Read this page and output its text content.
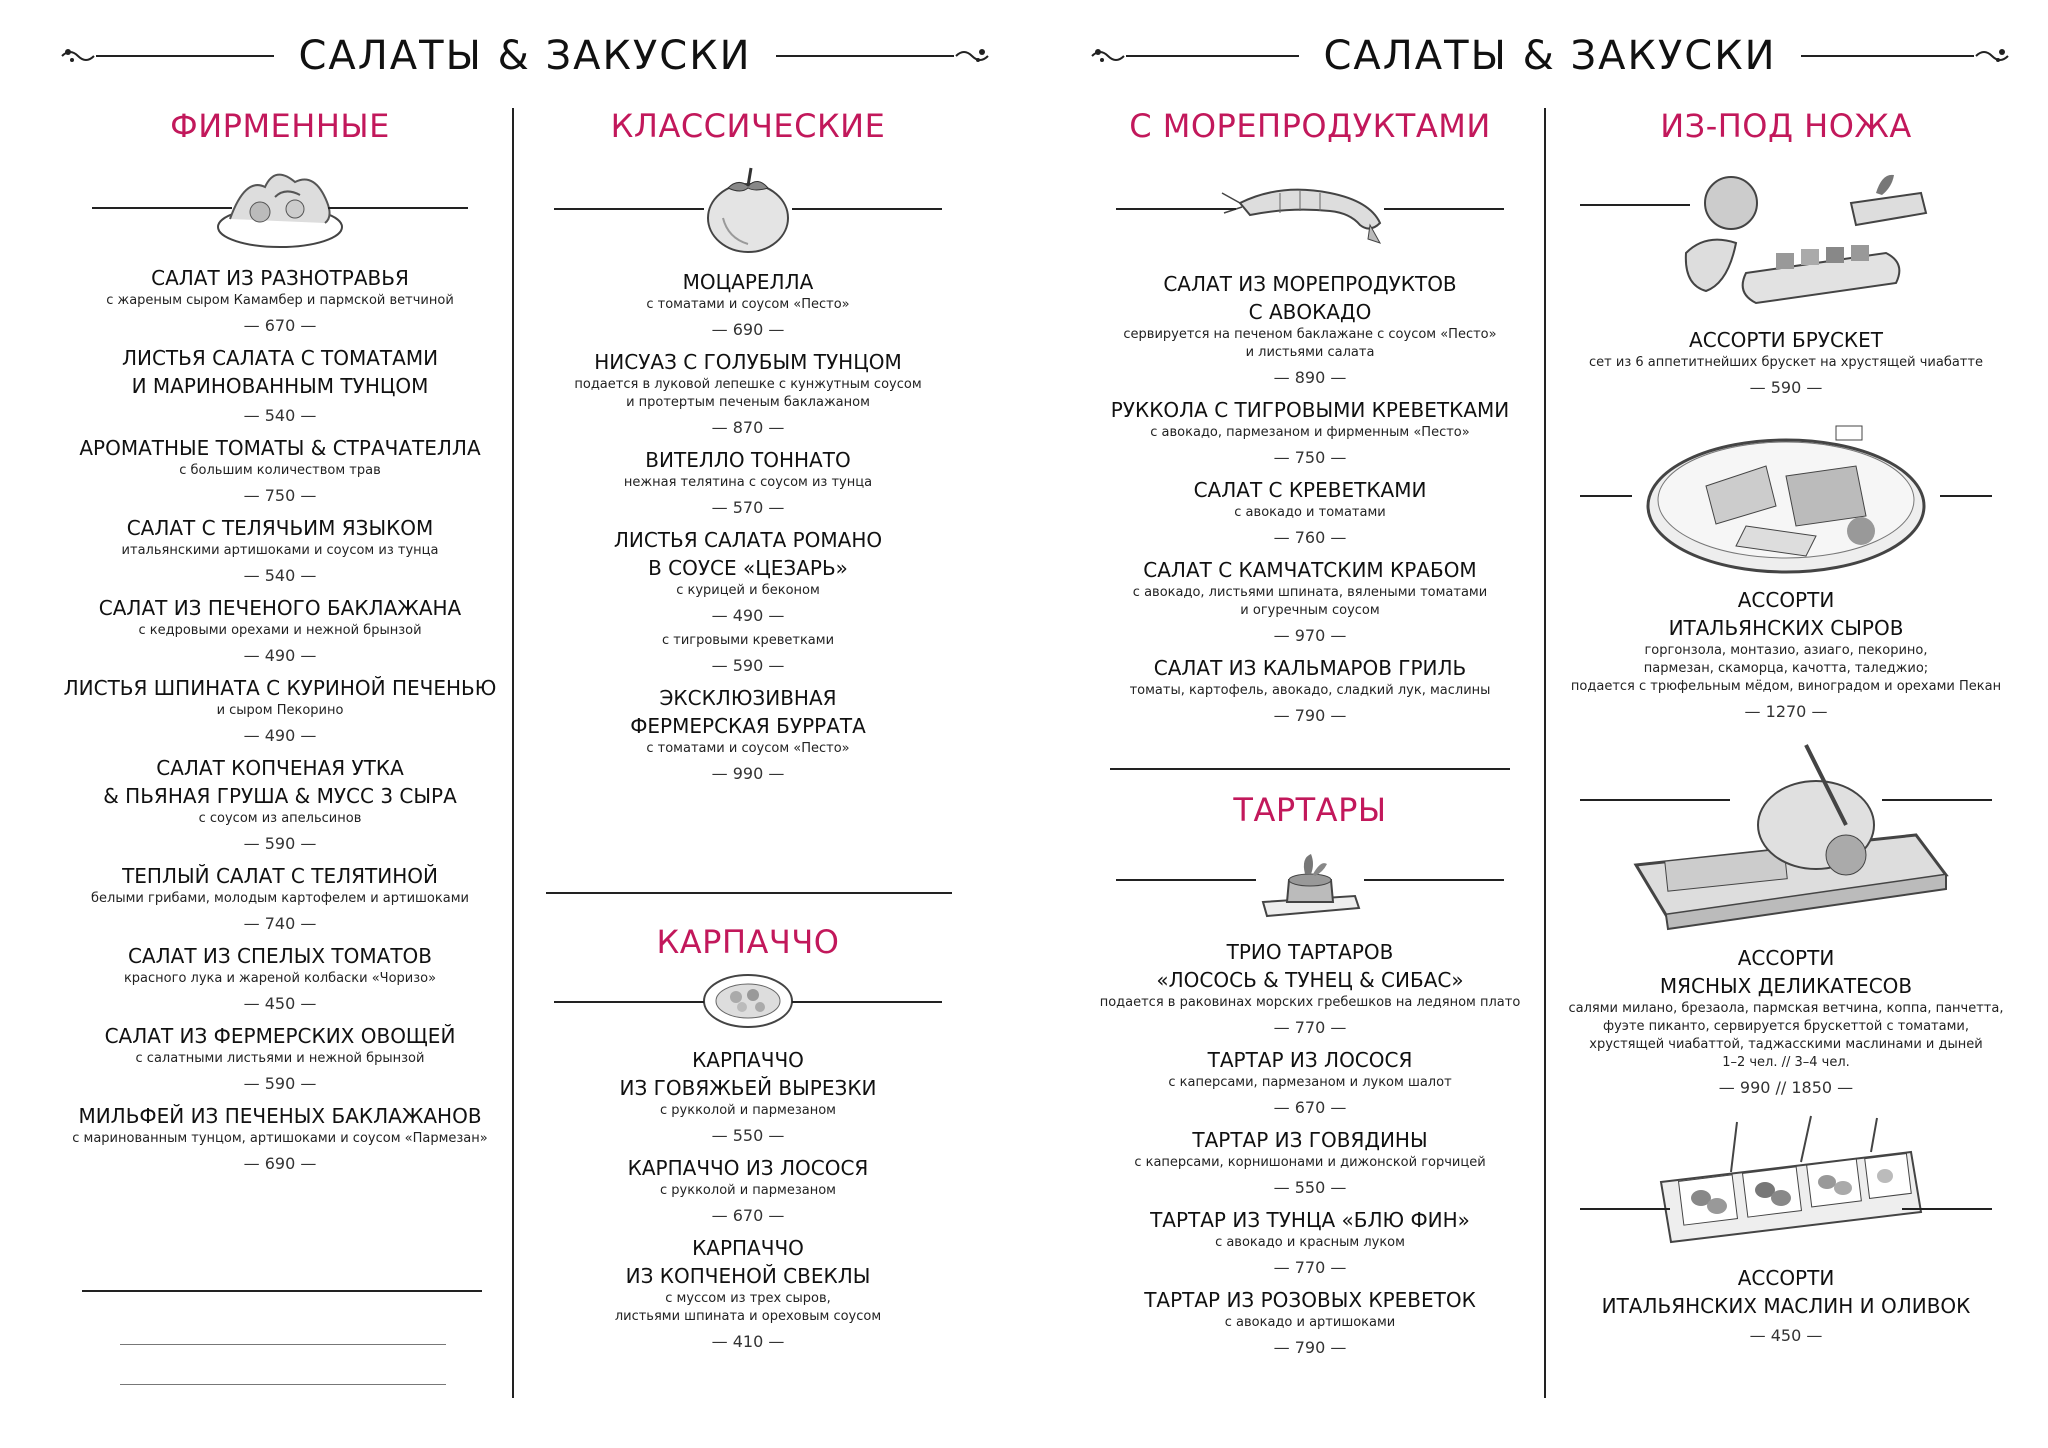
САЛАТЫ & ЗАКУСКИ	САЛАТЫ & ЗАКУСКИ
ФИРМЕННЫЕ
САЛАТ ИЗ РАЗНОТРАВЬЯ
с жареным сыром Камамбер и пармской ветчиной
— 670 —
ЛИСТЬЯ САЛАТА С ТОМАТАМИ
И МАРИНОВАННЫМ ТУНЦОМ
— 540 —
АРОМАТНЫЕ ТОМАТЫ & СТРАЧАТЕЛЛА
с большим количеством трав
— 750 —
САЛАТ С ТЕЛЯЧЬИМ ЯЗЫКОМ
итальянскими артишоками и соусом из тунца
— 540 —
САЛАТ ИЗ ПЕЧЕНОГО БАКЛАЖАНА
с кедровыми орехами и нежной брынзой
— 490 —
ЛИСТЬЯ ШПИНАТА С КУРИНОЙ ПЕЧЕНЬЮ
и сыром Пекорино
— 490 —
САЛАТ КОПЧЕНАЯ УТКА
& ПЬЯНАЯ ГРУША & МУСС 3 СЫРА
с соусом из апельсинов
— 590 —
ТЕПЛЫЙ САЛАТ С ТЕЛЯТИНОЙ
белыми грибами, молодым картофелем и артишоками
— 740 —
САЛАТ ИЗ СПЕЛЫХ ТОМАТОВ
красного лука и жареной колбаски «Чоризо»
— 450 —
САЛАТ ИЗ ФЕРМЕРСКИХ ОВОЩЕЙ
с салатными листьями и нежной брынзой
— 590 —
МИЛЬФЕЙ ИЗ ПЕЧЕНЫХ БАКЛАЖАНОВ
с маринованным тунцом, артишоками и соусом «Пармезан»
— 690 —
КЛАССИЧЕСКИЕ
МОЦАРЕЛЛА
с томатами и соусом «Песто»
— 690 —
НИСУАЗ С ГОЛУБЫМ ТУНЦОМ
подается в луковой лепешке с кунжутным соусом
и протертым печеным баклажаном
— 870 —
ВИТЕЛЛО ТОННАТО
нежная телятина с соусом из тунца
— 570 —
ЛИСТЬЯ САЛАТА РОМАНО
В СОУСЕ «ЦЕЗАРЬ»
с курицей и беконом
— 490 —
с тигровыми креветками
— 590 —
ЭКСКЛЮЗИВНАЯ
ФЕРМЕРСКАЯ БУРРАТА
с томатами и соусом «Песто»
— 990 —
КАРПАЧЧО
КАРПАЧЧО
ИЗ ГОВЯЖЬЕЙ ВЫРЕЗКИ
с рукколой и пармезаном
— 550 —
КАРПАЧЧО ИЗ ЛОСОСЯ
с рукколой и пармезаном
— 670 —
КАРПАЧЧО
ИЗ КОПЧЕНОЙ СВЕКЛЫ
с муссом из трех сыров,
листьями шпината и ореховым соусом
— 410 —
С МОРЕПРОДУКТАМИ
САЛАТ ИЗ МОРЕПРОДУКТОВ
С АВОКАДО
сервируется на печеном баклажане с соусом «Песто»
и листьями салата
— 890 —
РУККОЛА С ТИГРОВЫМИ КРЕВЕТКАМИ
с авокадо, пармезаном и фирменным «Песто»
— 750 —
САЛАТ С КРЕВЕТКАМИ
с авокадо и томатами
— 760 —
САЛАТ С КАМЧАТСКИМ КРАБОМ
с авокадо, листьями шпината, вялеными томатами
и огуречным соусом
— 970 —
САЛАТ ИЗ КАЛЬМАРОВ ГРИЛЬ
томаты, картофель, авокадо, сладкий лук, маслины
— 790 —
ТАРТАРЫ
ТРИО ТАРТАРОВ
«ЛОСОСЬ & ТУНЕЦ & СИБАС»
подается в раковинах морских гребешков на ледяном плато
— 770 —
ТАРТАР ИЗ ЛОСОСЯ
с каперсами, пармезаном и луком шалот
— 670 —
ТАРТАР ИЗ ГОВЯДИНЫ
с каперсами, корнишонами и дижонской горчицей
— 550 —
ТАРТАР ИЗ ТУНЦА «БЛЮ ФИН»
с авокадо и красным луком
— 770 —
ТАРТАР ИЗ РОЗОВЫХ КРЕВЕТОК
с авокадо и артишоками
— 790 —
ИЗ-ПОД НОЖА
АССОРТИ БРУСКЕТ
сет из 6 аппетитнейших брускет на хрустящей чиабатте
— 590 —
АССОРТИ
ИТАЛЬЯНСКИХ СЫРОВ
горгонзола, монтазио, азиаго, пекорино,
пармезан, скаморца, качотта, таледжио;
подается с трюфельным мёдом, виноградом и орехами Пекан
— 1270 —
АССОРТИ
МЯСНЫХ ДЕЛИКАТЕСОВ
салями милано, брезаола, пармская ветчина, коппа, панчетта,
фуэте пиканто, сервируется брускеттой с томатами,
хрустящей чиабаттой, таджасскими маслинами и дыней
1–2 чел. // 3–4 чел.
— 990 // 1850 —
АССОРТИ
ИТАЛЬЯНСКИХ МАСЛИН И ОЛИВОК
— 450 —
